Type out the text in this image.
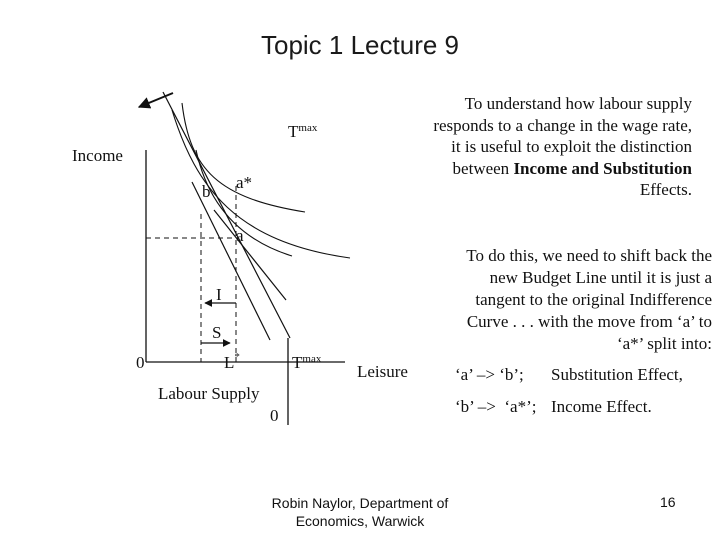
Topic 1 Lecture 9
Income
$T^{max}$
b a*
a
I
S
0	L*	$T^{max}$
Leisure
Labour Supply
0
To understand how labour supply responds to a change in the wage rate, it is useful to exploit the distinction between Income and Substitution Effects.
To do this, we need to shift back the new Budget Line until it is just a tangent to the original Indifference Curve . . . with the move from ‘a’ to ‘a*’ split into:
‘a’ –> ‘b’; Substitution Effect,
‘b’ –>  ‘a*’; Income Effect.
Robin Naylor, Department of
Economics, Warwick
16
